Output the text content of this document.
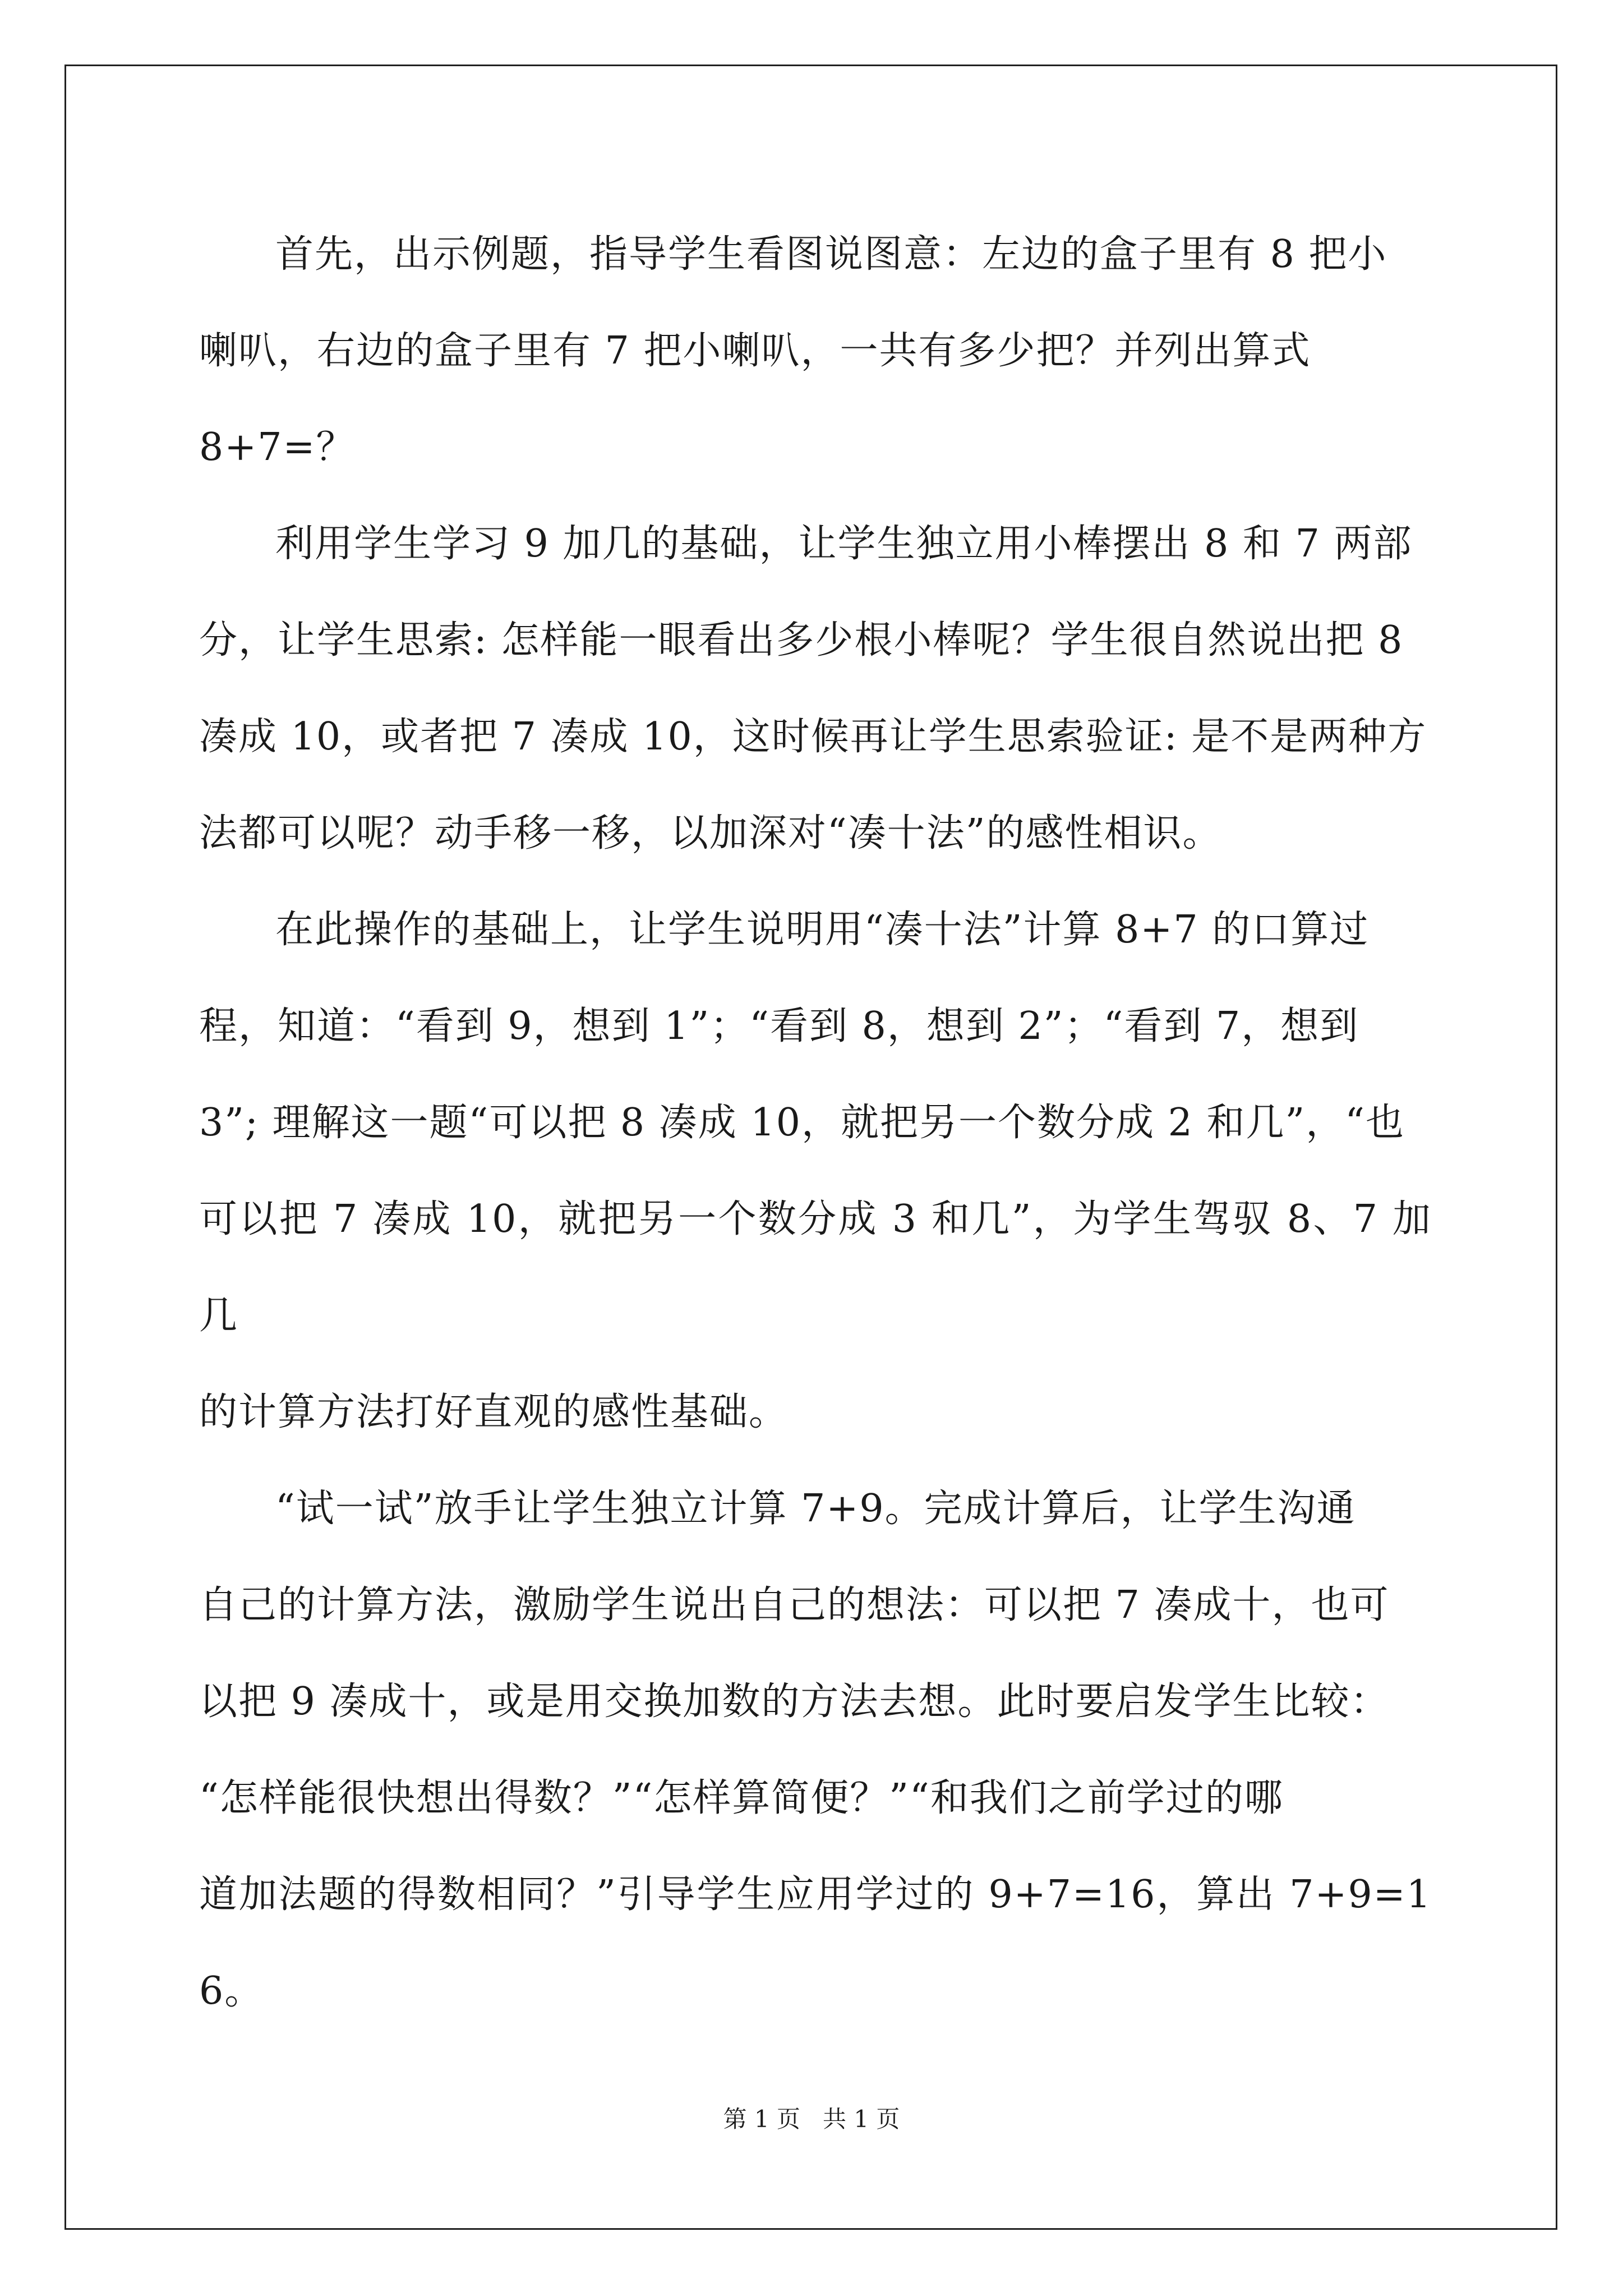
首先，出示例题，指导学生看图说图意：左边的盒子里有 8 把小
喇叭，右边的盒子里有 7 把小喇叭，一共有多少把？并列出算式
8+7=？

利用学生学习 9 加几的基础，让学生独立用小棒摆出 8 和 7 两部
分，让学生思索: 怎样能一眼看出多少根小棒呢？学生很自然说出把 8
凑成 10，或者把 7 凑成 10，这时候再让学生思索验证: 是不是两种方
法都可以呢？动手移一移，以加深对“凑十法”的感性相识。

在此操作的基础上，让学生说明用“凑十法”计算 8+7 的口算过
程，知道：“看到 9，想到 1”；“看到 8，想到 2”；“看到 7，想到
3”; 理解这一题“可以把 8 凑成 10，就把另一个数分成 2 和几”，“也
可以把 7 凑成 10，就把另一个数分成 3 和几”，为学生驾驭 8、7 加几
的计算方法打好直观的感性基础。

“试一试”放手让学生独立计算 7+9。完成计算后，让学生沟通
自己的计算方法，激励学生说出自己的想法：可以把 7 凑成十，也可
以把 9 凑成十，或是用交换加数的方法去想。此时要启发学生比较：
“怎样能很快想出得数？”“怎样算简便？”“和我们之前学过的哪
道加法题的得数相同？”引导学生应用学过的 9+7=16，算出 7+9=16。

第 1 页 共 1 页
